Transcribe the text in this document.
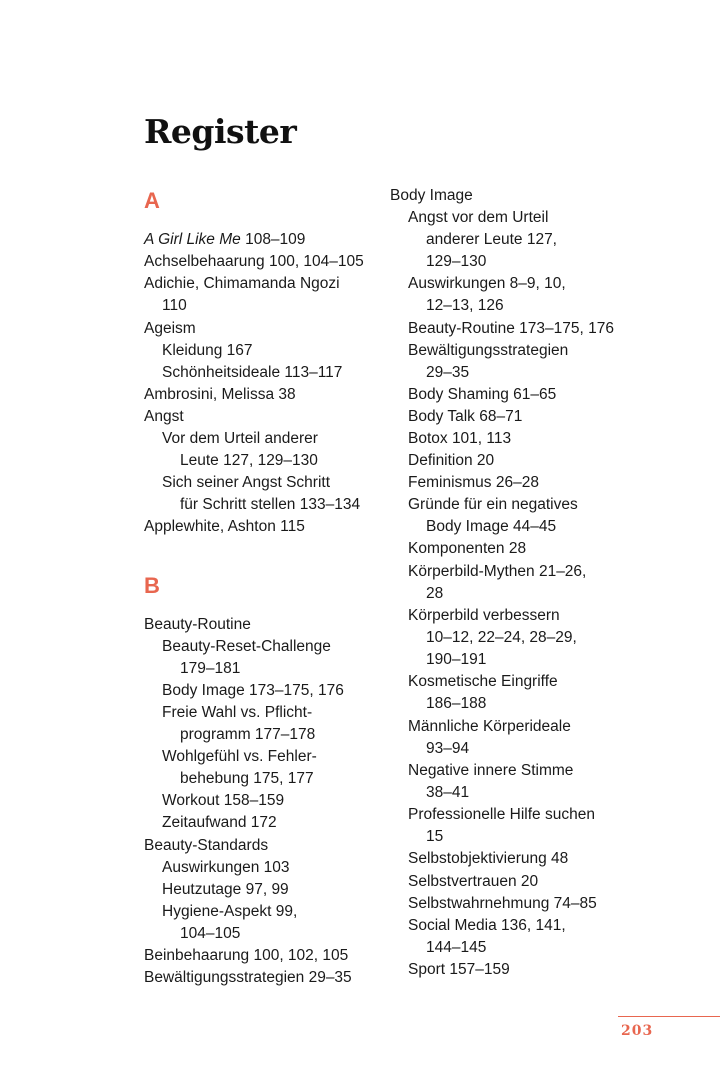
Register
A
A Girl Like Me 108–109
Achselbehaarung 100, 104–105
Adichie, Chimamanda Ngozi
110
Ageism
Kleidung 167
Schönheitsideale 113–117
Ambrosini, Melissa 38
Angst
Vor dem Urteil anderer
Leute 127, 129–130
Sich seiner Angst Schritt
für Schritt stellen 133–134
Applewhite, Ashton 115
B
Beauty-Routine
Beauty-Reset-Challenge
179–181
Body Image 173–175, 176
Freie Wahl vs. Pflicht-
programm 177–178
Wohlgefühl vs. Fehler-
behebung 175, 177
Workout 158–159
Zeitaufwand 172
Beauty-Standards
Auswirkungen 103
Heutzutage 97, 99
Hygiene-Aspekt 99,
104–105
Beinbehaarung 100, 102, 105
Bewältigungsstrategien 29–35
Body Image
Angst vor dem Urteil
anderer Leute 127,
129–130
Auswirkungen 8–9, 10,
12–13, 126
Beauty-Routine 173–175, 176
Bewältigungsstrategien
29–35
Body Shaming 61–65
Body Talk 68–71
Botox 101, 113
Definition 20
Feminismus 26–28
Gründe für ein negatives
Body Image 44–45
Komponenten 28
Körperbild-Mythen 21–26,
28
Körperbild verbessern
10–12, 22–24, 28–29,
190–191
Kosmetische Eingriffe
186–188
Männliche Körperideale
93–94
Negative innere Stimme
38–41
Professionelle Hilfe suchen
15
Selbstobjektivierung 48
Selbstvertrauen 20
Selbstwahrnehmung 74–85
Social Media 136, 141,
144–145
Sport 157–159
203
